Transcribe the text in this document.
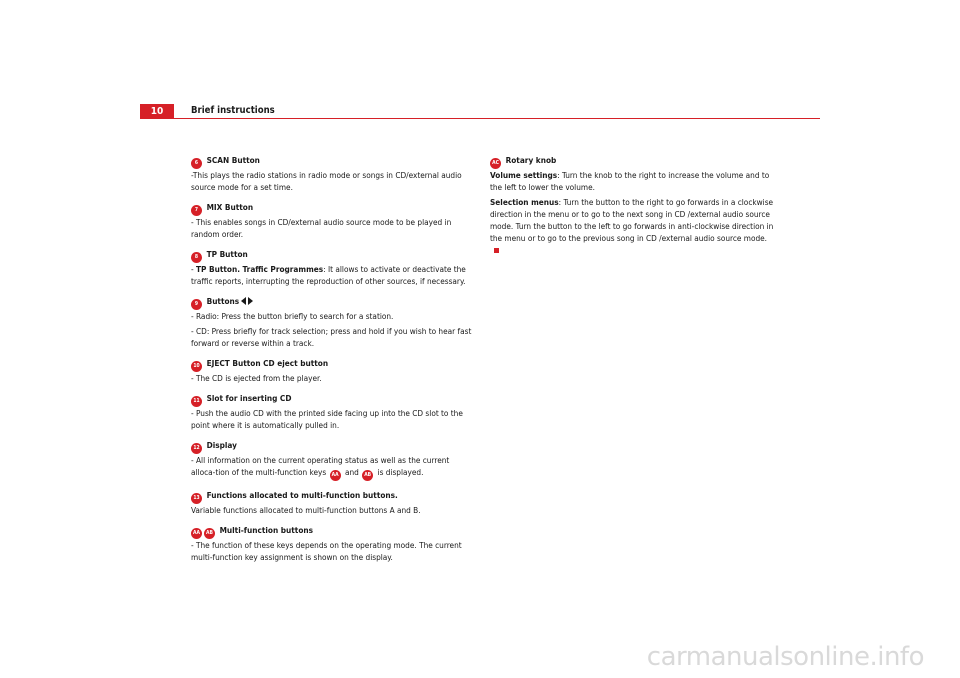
10	Brief instructions

6 SCAN Button

-This plays the radio stations in radio mode or songs in CD/external audio source mode for a set time.

7 MIX Button

- This enables songs in CD/external audio source mode to be played in random order.

8 TP Button

- TP Button. Traffic Programmes: It allows to activate or deactivate the traffic reports, interrupting the reproduction of other sources, if necessary.

9 Buttons

- Radio: Press the button briefly to search for a station.

- CD: Press briefly for track selection; press and hold if you wish to hear fast forward or reverse within a track.

10 EJECT Button CD eject button

- The CD is ejected from the player.

11 Slot for inserting CD

- Push the audio CD with the printed side facing up into the CD slot to the point where it is automatically pulled in.

12 Display

- All information on the current operating status as well as the current alloca-tion of the multi-function keys AA and AB is displayed.

13 Functions allocated to multi-function buttons.

Variable functions allocated to multi-function buttons A and B.

AA AB Multi-function buttons

- The function of these keys depends on the operating mode. The current multi-function key assignment is shown on the display.

AC Rotary knob

Volume settings: Turn the knob to the right to increase the volume and to the left to lower the volume.

Selection menus: Turn the button to the right to go forwards in a clockwise direction in the menu or to go to the next song in CD /external audio source mode. Turn the button to the left to go forwards in anti-clockwise direction in the menu or to go to the previous song in CD /external audio source mode.

carmanualsonline.info
